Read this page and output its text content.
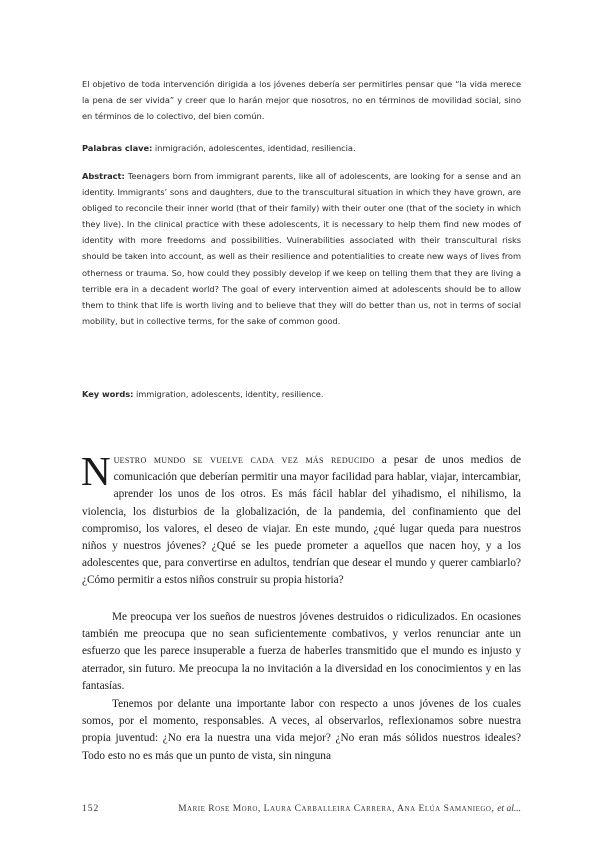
El objetivo de toda intervención dirigida a los jóvenes debería ser permitirles pensar que “la vida merece la pena de ser vivida” y creer que lo harán mejor que nosotros, no en términos de movilidad social, sino en términos de lo colectivo, del bien común.

Palabras clave: inmigración, adolescentes, identidad, resiliencia.

Abstract: Teenagers born from immigrant parents, like all of adolescents, are looking for a sense and an identity. Immigrants’ sons and daughters, due to the transcultural situation in which they have grown, are obliged to reconcile their inner world (that of their family) with their outer one (that of the society in which they live). In the clinical practice with these adolescents, it is necessary to help them find new modes of identity with more freedoms and possibilities. Vulnerabilities associated with their transcultural risks should be taken into account, as well as their resilience and potentialities to create new ways of lives from otherness or trauma. So, how could they possibly develop if we keep on telling them that they are living a terrible era in a decadent world? The goal of every intervention aimed at adolescents should be to allow them to think that life is worth living and to believe that they will do better than us, not in terms of social mobility, but in collective terms, for the sake of common good.

Key words: immigration, adolescents, identity, resilience.

Nuestro mundo se vuelve cada vez más reducido a pesar de unos medios de comunicación que deberían permitir una mayor facilidad para hablar, viajar, intercambiar, aprender los unos de los otros. Es más fácil hablar del yihadismo, el nihilismo, la violencia, los disturbios de la globalización, de la pandemia, del confinamiento que del compromiso, los valores, el deseo de viajar. En este mundo, ¿qué lugar queda para nuestros niños y nuestros jóvenes? ¿Qué se les puede prometer a aquellos que nacen hoy, y a los adolescentes que, para convertirse en adultos, tendrían que desear el mundo y querer cambiarlo? ¿Cómo permitir a estos niños construir su propia historia?

Me preocupa ver los sueños de nuestros jóvenes destruidos o ridiculizados. En ocasiones también me preocupa que no sean suficientemente combativos, y verlos renunciar ante un esfuerzo que les parece insuperable a fuerza de haberles transmitido que el mundo es injusto y aterrador, sin futuro. Me preocupa la no invitación a la diversidad en los conocimientos y en las fantasías.

Tenemos por delante una importante labor con respecto a unos jóvenes de los cuales somos, por el momento, responsables. A veces, al observarlos, reflexionamos sobre nuestra propia juventud: ¿No era la nuestra una vida mejor? ¿No eran más sólidos nuestros ideales? Todo esto no es más que un punto de vista, sin ninguna

152	Marie Rose Moro, Laura Carballeira Carrera, Ana Elúa Samaniego, et al...
